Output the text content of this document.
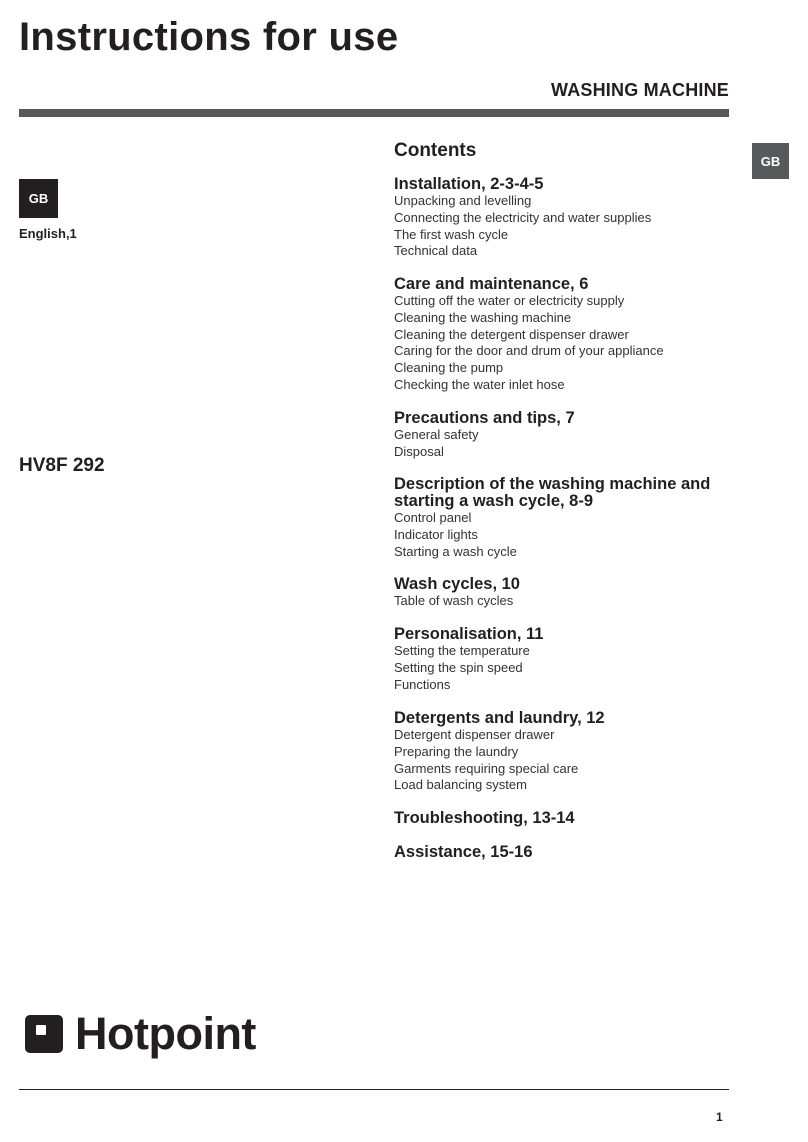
Instructions for use
WASHING MACHINE
GB
GB
English,1
HV8F 292
Contents
Installation, 2-3-4-5
Unpacking and levelling
Connecting the electricity and water supplies
The first wash cycle
Technical data
Care and maintenance, 6
Cutting off the water or electricity supply
Cleaning the washing machine
Cleaning the detergent dispenser drawer
Caring for the door and drum of your appliance
Cleaning the pump
Checking the water inlet hose
Precautions and tips, 7
General safety
Disposal
Description of the washing machine and starting a wash cycle, 8-9
Control panel
Indicator lights
Starting a wash cycle
Wash cycles, 10
Table of wash cycles
Personalisation, 11
Setting the temperature
Setting the spin speed
Functions
Detergents and laundry, 12
Detergent dispenser drawer
Preparing the laundry
Garments requiring special care
Load balancing system
Troubleshooting, 13-14
Assistance, 15-16
Hotpoint
1
